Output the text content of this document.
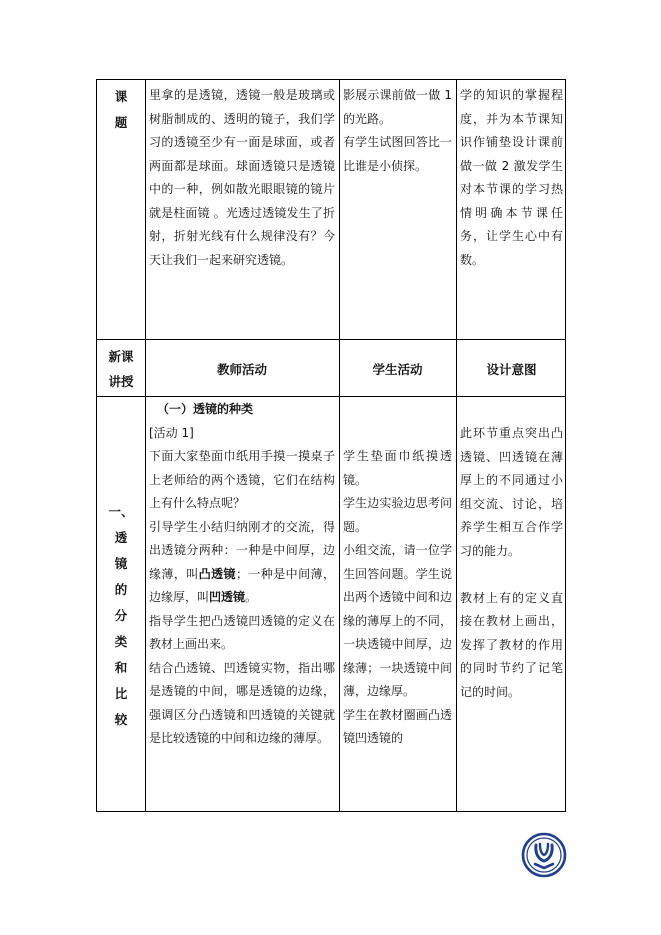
课
题
里拿的是透镜，透镜一般是玻璃或树脂制成的、透明的镜子，我们学习的透镜至少有一面是球面，或者两面都是球面。球面透镜只是透镜中的一种，例如散光眼眼镜的镜片就是柱面镜 。光透过透镜发生了折射，折射光线有什么规律没有？今天让我们一起来研究透镜。
影展示课前做一做 1 的光路。
有学生试图回答比一比谁是小侦探。
学的知识的掌握程度，并为本节课知识作铺垫设计课前做一做 2 激发学生对本节课的学习热情明确本节课任务，让学生心中有数。
新课讲授
教师活动	学生活动	设计意图
一、
透
镜
的
分
类
和
比
较
（一）透镜的种类
[活动 1]
下面大家垫面巾纸用手摸一摸桌子上老师给的两个透镜，它们在结构上有什么特点呢？
引导学生小结归纳刚才的交流，得出透镜分两种：一种是中间厚，边缘薄，叫凸透镜；一种是中间薄，边缘厚，叫凹透镜。
指导学生把凸透镜凹透镜的定义在教材上画出来。
结合凸透镜、凹透镜实物，指出哪是透镜的中间，哪是透镜的边缘，强调区分凸透镜和凹透镜的关键就是比较透镜的中间和边缘的薄厚。
学生垫面巾纸摸透镜。
学生边实验边思考问题。
小组交流，请一位学生回答问题。学生说出两个透镜中间和边缘的薄厚上的不同，一块透镜中间厚，边缘薄；一块透镜中间薄，边缘厚。
学生在教材圈画凸透镜凹透镜的
此环节重点突出凸透镜、凹透镜在薄厚上的不同通过小组交流、讨论，培养学生相互合作学习的能力。
教材上有的定义直接在教材上画出，发挥了教材的作用的同时节约了记笔记的时间。
